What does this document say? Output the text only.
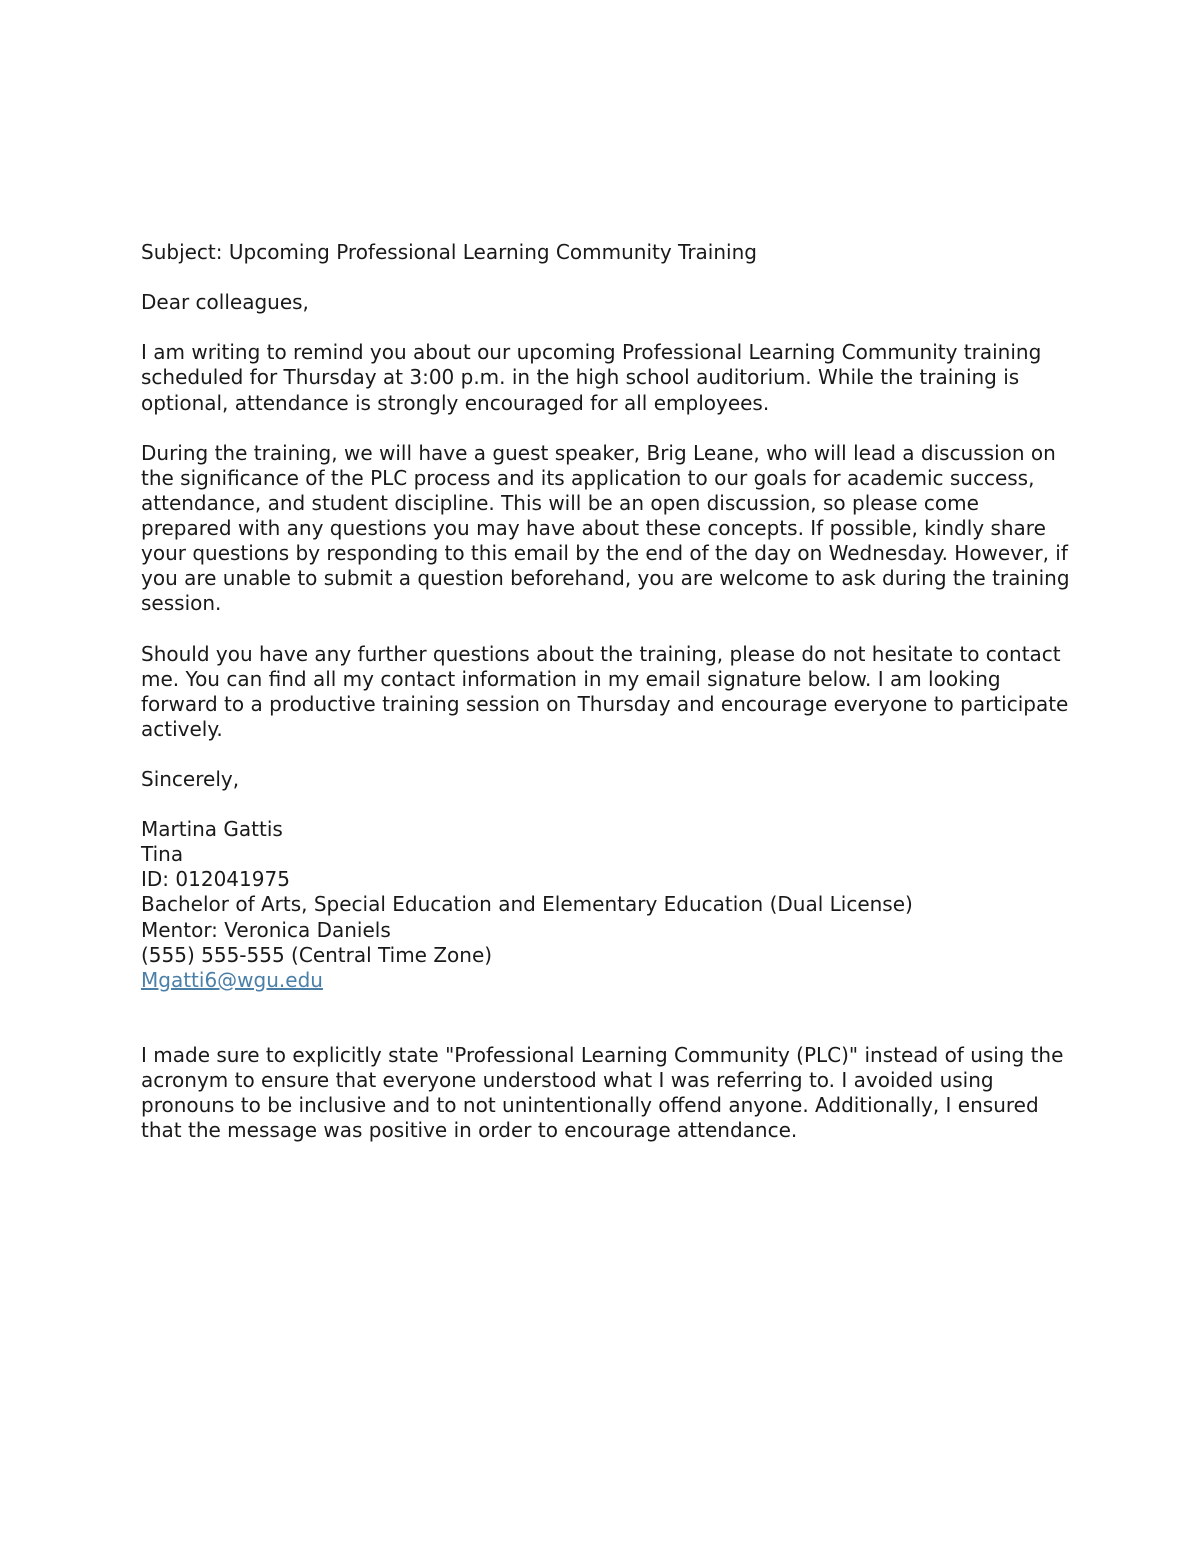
Subject: Upcoming Professional Learning Community Training

Dear colleagues,

I am writing to remind you about our upcoming Professional Learning Community training scheduled for Thursday at 3:00 p.m. in the high school auditorium. While the training is optional, attendance is strongly encouraged for all employees.

During the training, we will have a guest speaker, Brig Leane, who will lead a discussion on the significance of the PLC process and its application to our goals for academic success, attendance, and student discipline. This will be an open discussion, so please come prepared with any questions you may have about these concepts. If possible, kindly share your questions by responding to this email by the end of the day on Wednesday. However, if you are unable to submit a question beforehand, you are welcome to ask during the training session.

Should you have any further questions about the training, please do not hesitate to contact me. You can find all my contact information in my email signature below. I am looking forward to a productive training session on Thursday and encourage everyone to participate actively.

Sincerely,

Martina Gattis
Tina
ID: 012041975
Bachelor of Arts, Special Education and Elementary Education (Dual License)
Mentor: Veronica Daniels
(555) 555-555 (Central Time Zone)
Mgatti6@wgu.edu

I made sure to explicitly state "Professional Learning Community (PLC)" instead of using the acronym to ensure that everyone understood what I was referring to. I avoided using pronouns to be inclusive and to not unintentionally offend anyone. Additionally, I ensured that the message was positive in order to encourage attendance.
